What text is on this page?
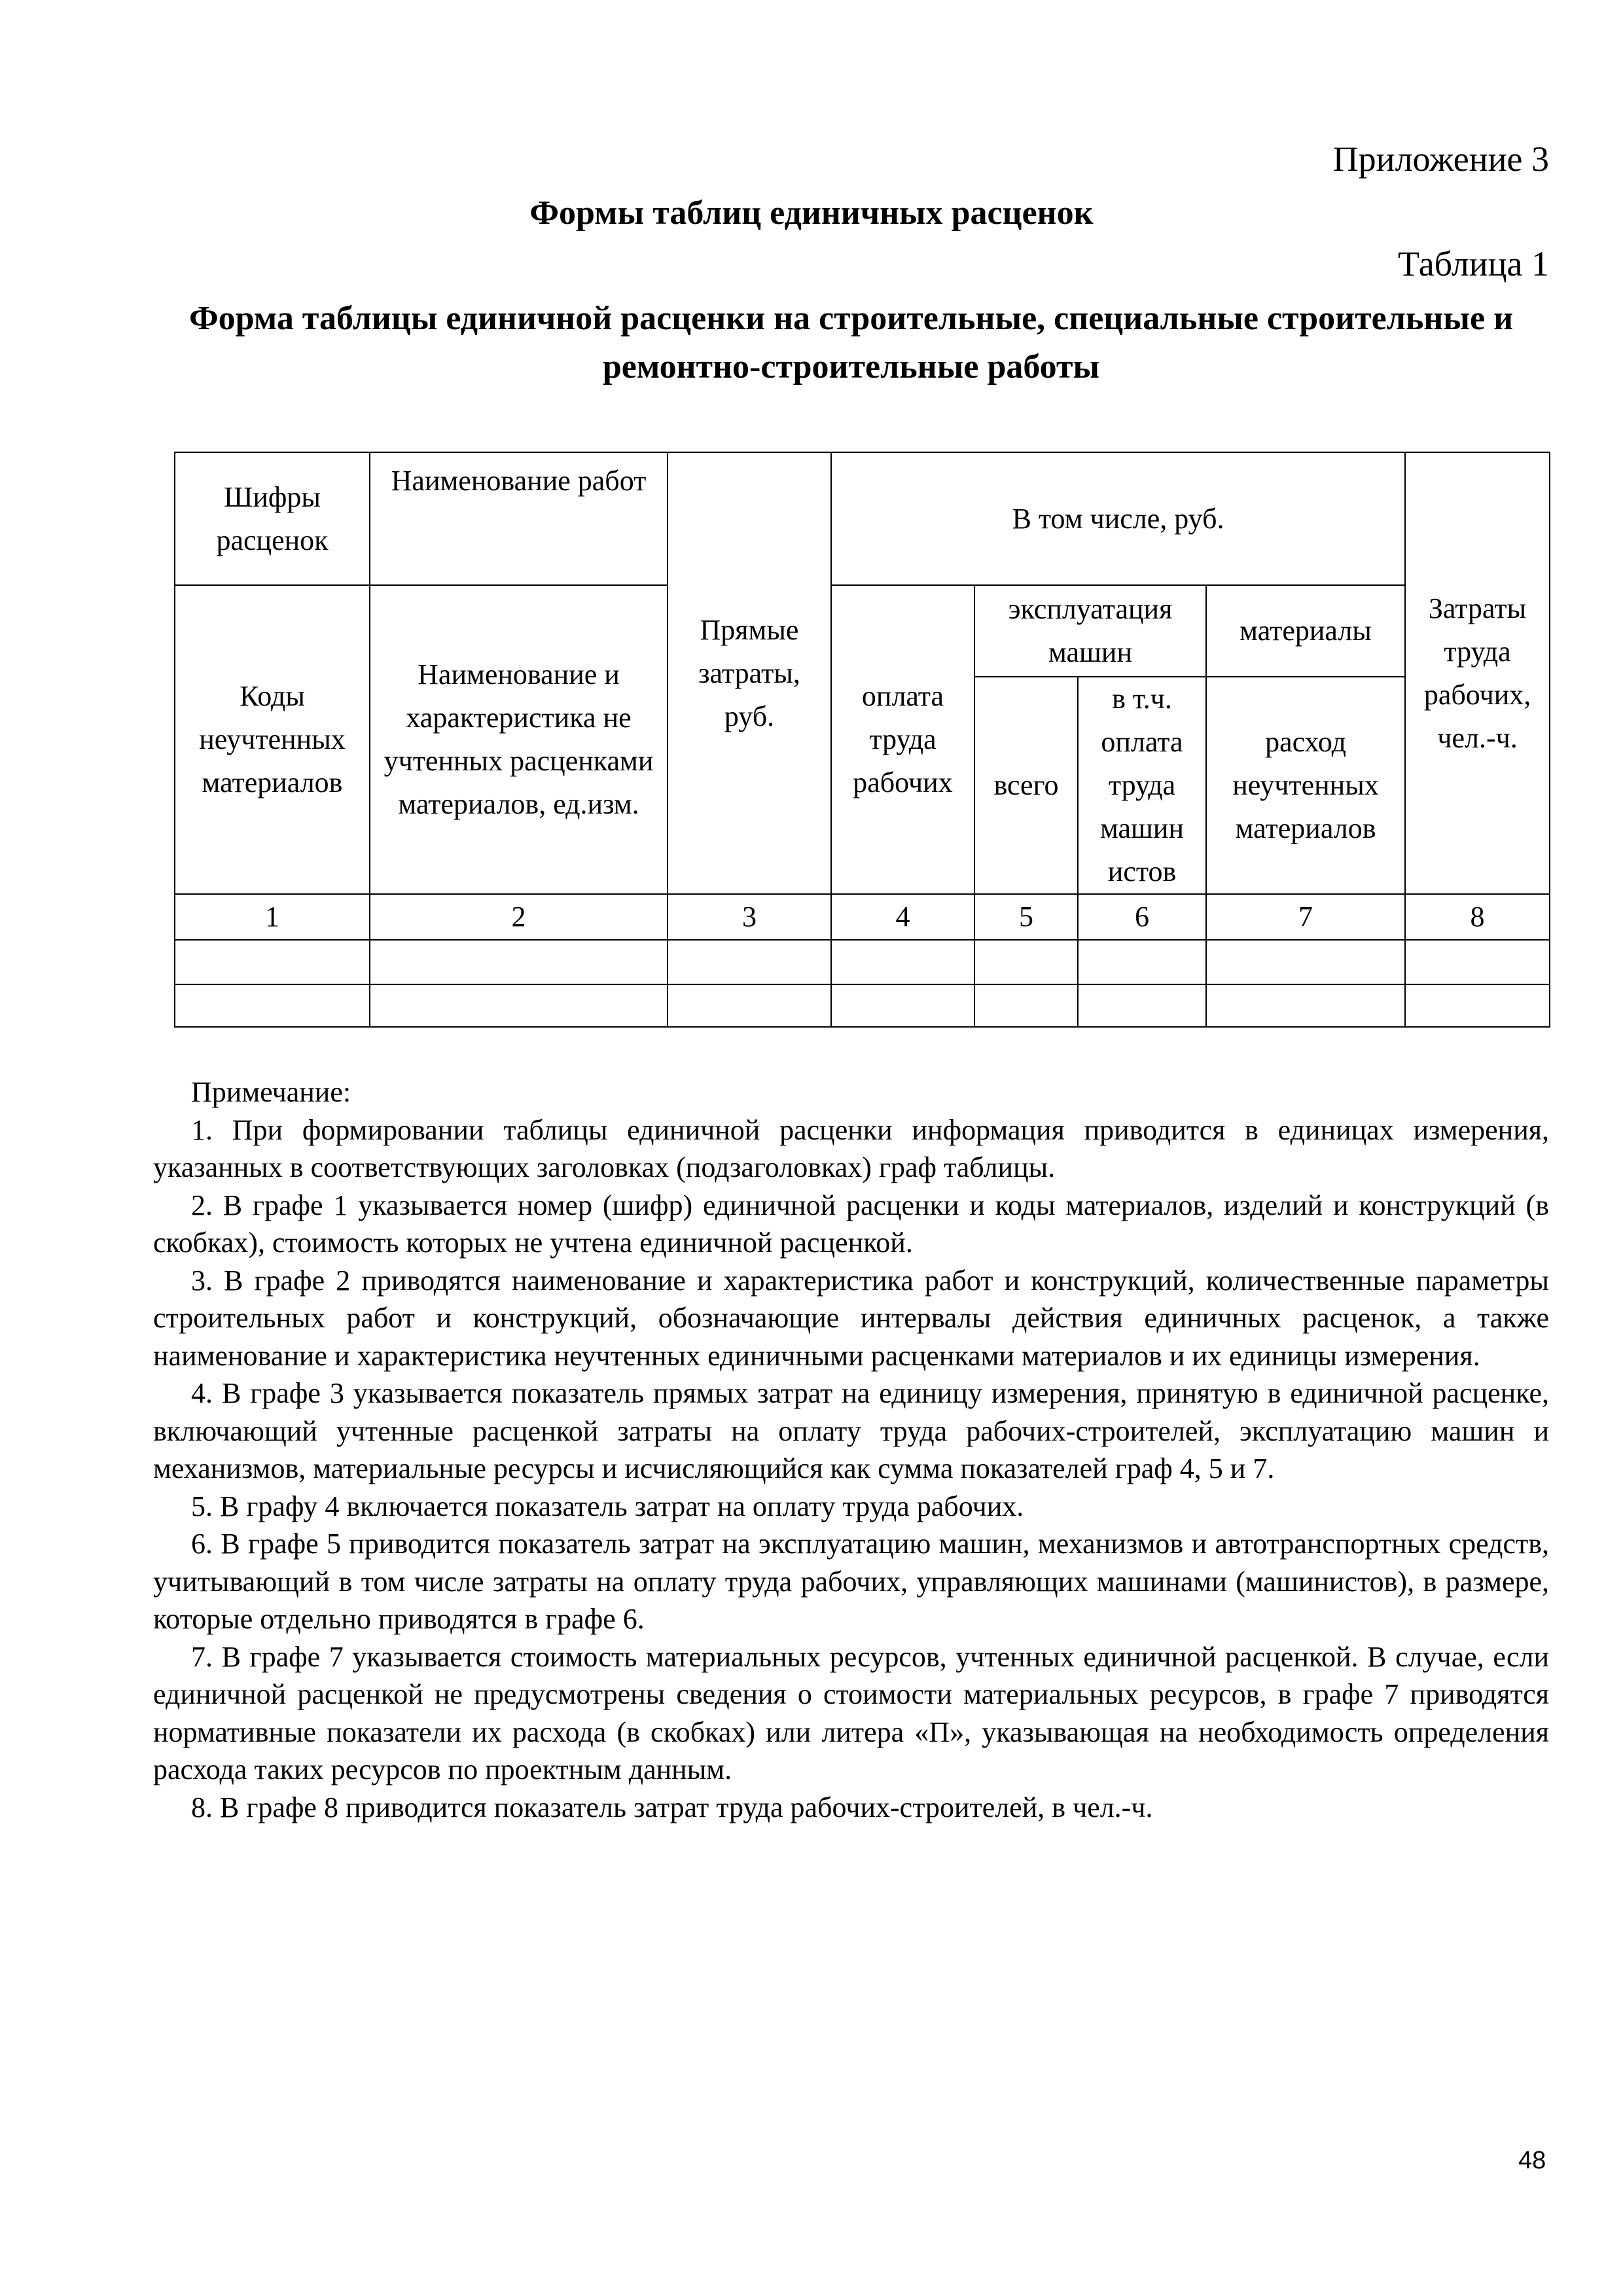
Приложение 3
Формы таблиц единичных расценок
Таблица 1
Форма таблицы единичной расценки на строительные, специальные строительные и ремонтно-строительные работы
Шифры расценок	Наименование работ	Прямые затраты, руб.	В том числе, руб.				Затраты труда рабочих, чел.-ч.
Коды неучтенных материалов	Наименование и характеристика не учтенных расценками материалов, ед.изм.		оплата труда рабочих	эксплуатация машин		материалы	
				всего	в т.ч. оплата труда машин истов	расход неучтенных материалов	
1	2	3	4	5	6	7	8

Примечание:

1. При формировании таблицы единичной расценки информация приводится в единицах измерения, указанных в соответствующих заголовках (подзаголовках) граф таблицы.

2. В графе 1 указывается номер (шифр) единичной расценки и коды материалов, изделий и конструкций (в скобках), стоимость которых не учтена единичной расценкой.

3. В графе 2 приводятся наименование и характеристика работ и конструкций, количественные параметры строительных работ и конструкций, обозначающие интервалы действия единичных расценок, а также наименование и характеристика неучтенных единичными расценками материалов и их единицы измерения.

4. В графе 3 указывается показатель прямых затрат на единицу измерения, принятую в единичной расценке, включающий учтенные расценкой затраты на оплату труда рабочих-строителей, эксплуатацию машин и механизмов, материальные ресурсы и исчисляющийся как сумма показателей граф 4, 5 и 7.

5. В графу 4 включается показатель затрат на оплату труда рабочих.

6. В графе 5 приводится показатель затрат на эксплуатацию машин, механизмов и автотранспортных средств, учитывающий в том числе затраты на оплату труда рабочих, управляющих машинами (машинистов), в размере, которые отдельно приводятся в графе 6.

7. В графе 7 указывается стоимость материальных ресурсов, учтенных единичной расценкой. В случае, если единичной расценкой не предусмотрены сведения о стоимости материальных ресурсов, в графе 7 приводятся нормативные показатели их расхода (в скобках) или литера «П», указывающая на необходимость определения расхода таких ресурсов по проектным данным.

8. В графе 8 приводится показатель затрат труда рабочих-строителей, в чел.-ч.

48
